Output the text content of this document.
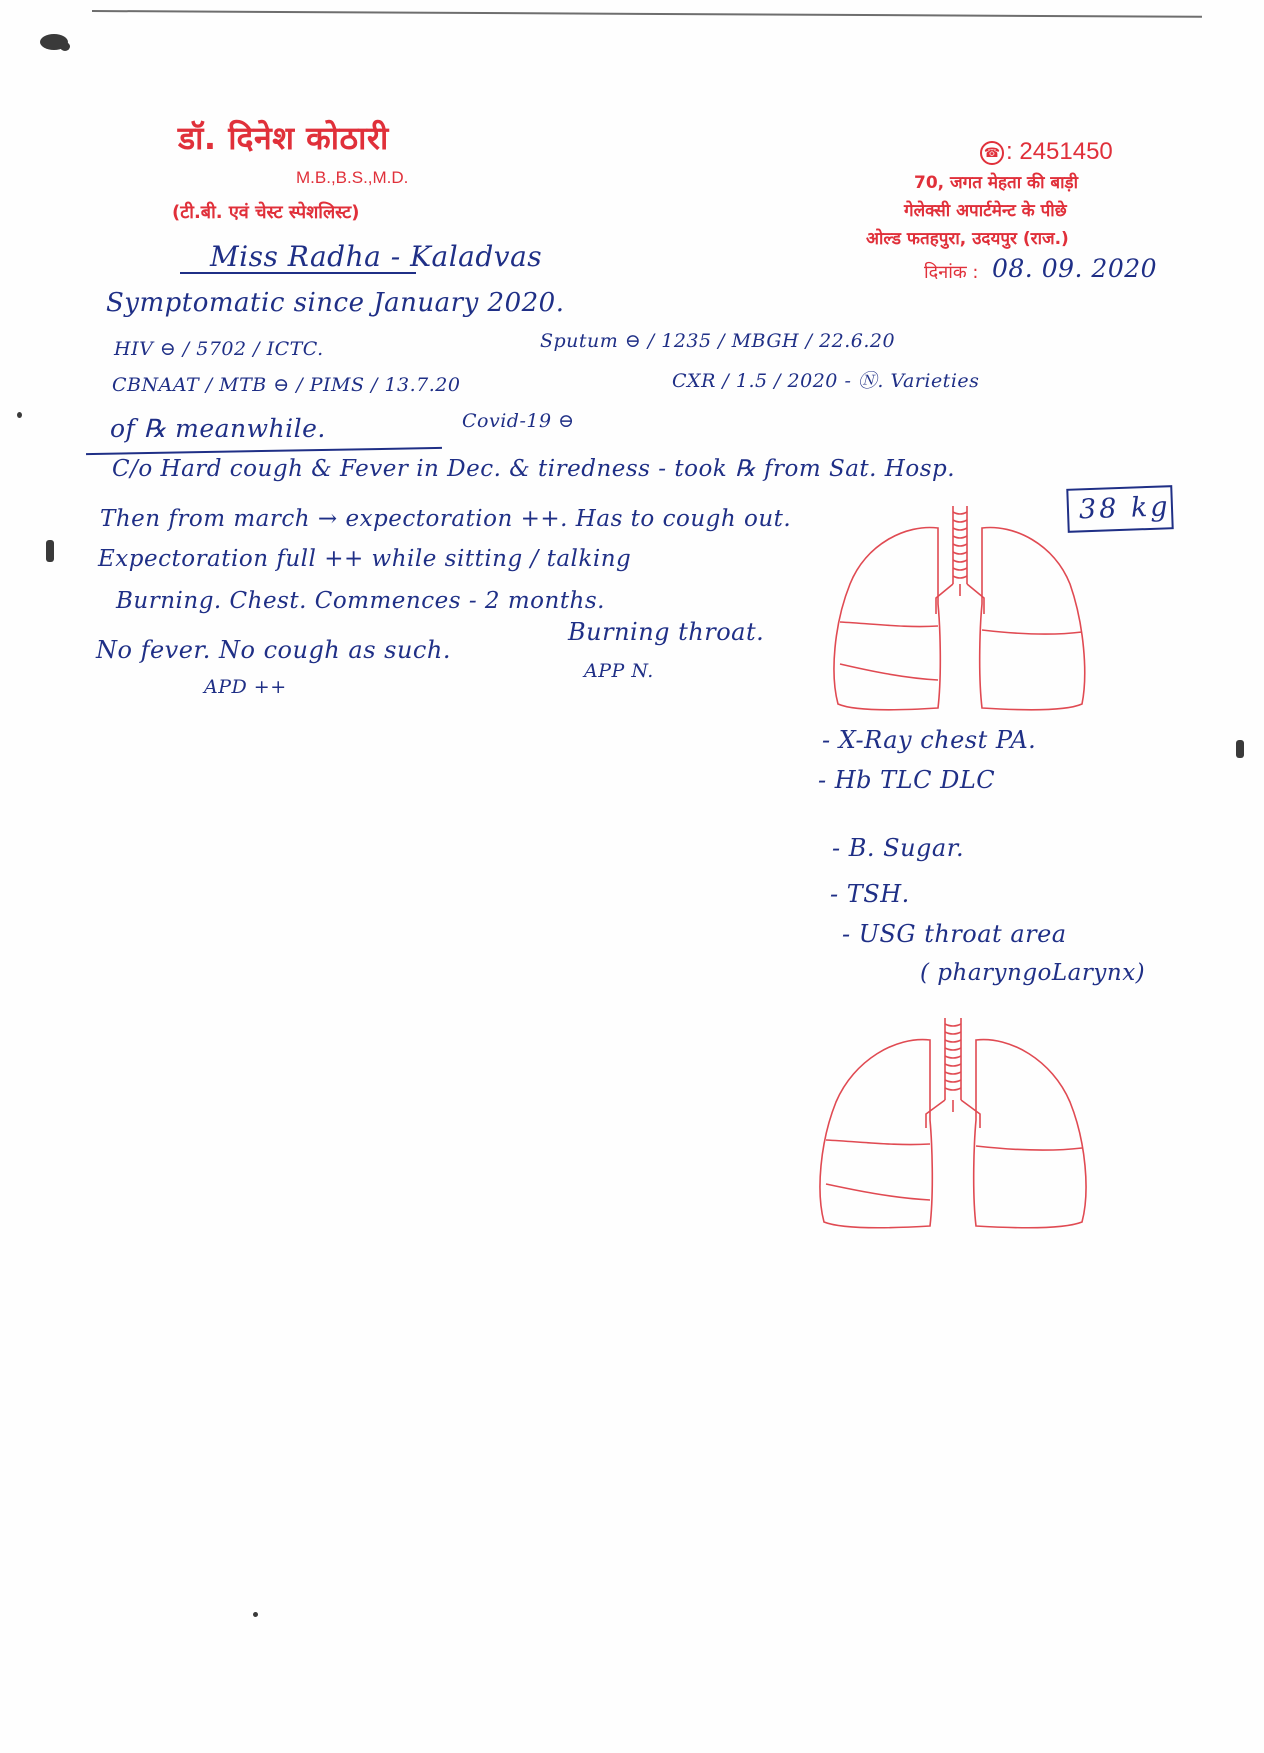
डॉ. दिनेश कोठारी
M.B.,B.S.,M.D.
(टी.बी. एवं चेस्ट स्पेशलिस्ट)
☎ : 2451450
70, जगत मेहता की बाड़ी
गेलेक्सी अपार्टमेन्ट के पीछे
ओल्ड फतहपुरा, उदयपुर (राज.)
दिनांक : 08. 09. 2020
Miss Radha - Kaladvas
Symptomatic since January 2020.
HIV ⊖ / 5702 / ICTC.	Sputum ⊖ / 1235 / MBGH / 22.6.20
CBNAAT / MTB ⊖ / PIMS / 13.7.20	CXR / 1.5 / 2020 - Ⓝ. Varieties
of ℞ meanwhile.	Covid-19 ⊖
C/o Hard cough & Fever in Dec. & tiredness - took ℞ from Sat. Hosp.
Then from march → expectoration ++. Has to cough out.	38 kg
Expectoration full ++ while sitting / talking
Burning. Chest. Commences - 2 months.
No fever. No cough as such.
Burning throat.
APD ++
APP N.
- X-Ray chest PA.
- Hb TLC DLC
- B. Sugar.
- TSH.
- USG throat area
( pharyngoLarynx)
